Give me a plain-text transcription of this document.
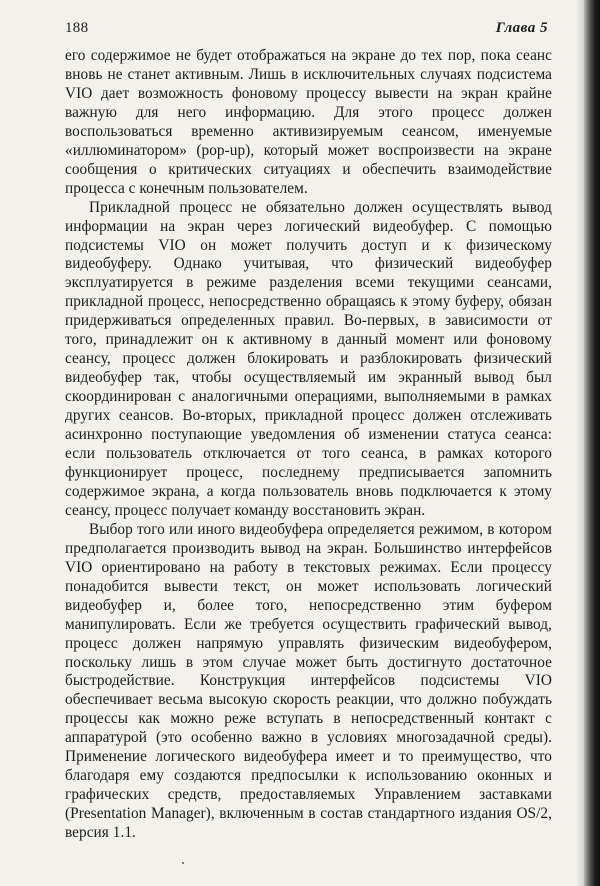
188	Глава 5

его содержимое не будет отображаться на экране до тех пор, пока сеанс вновь не станет активным. Лишь в исключительных случаях подсистема VIO дает возможность фоновому процессу вывести на экран крайне важную для него информацию. Для этого процесс должен воспользоваться временно активизируемым сеансом, именуемые «иллюминатором» (pop-up), который может воспроизвести на экране сообщения о критических ситуациях и обеспечить взаимодействие процесса с конечным пользователем.

Прикладной процесс не обязательно должен осуществлять вывод информации на экран через логический видеобуфер. С помощью подсистемы VIO он может получить доступ и к физическому видеобуферу. Однако учитывая, что физический видеобуфер эксплуатируется в режиме разделения всеми текущими сеансами, прикладной процесс, непосредственно обращаясь к этому буферу, обязан придерживаться определенных правил. Во-первых, в зависимости от того, принадлежит он к активному в данный момент или фоновому сеансу, процесс должен блокировать и разблокировать физический видеобуфер так, чтобы осуществляемый им экранный вывод был скоординирован с аналогичными операциями, выполняемыми в рамках других сеансов. Во-вторых, прикладной процесс должен отслеживать асинхронно поступающие уведомления об изменении статуса сеанса: если пользователь отключается от того сеанса, в рамках которого функционирует процесс, последнему предписывается запомнить содержимое экрана, а когда пользователь вновь подключается к этому сеансу, процесс получает команду восстановить экран.

Выбор того или иного видеобуфера определяется режимом, в котором предполагается производить вывод на экран. Большинство интерфейсов VIO ориентировано на работу в текстовых режимах. Если процессу понадобится вывести текст, он может использовать логический видеобуфер и, более того, непосредственно этим буфером манипулировать. Если же требуется осуществить графический вывод, процесс должен напрямую управлять физическим видеобуфером, поскольку лишь в этом случае может быть достигнуто достаточное быстродействие. Конструкция интерфейсов подсистемы VIO обеспечивает весьма высокую скорость реакции, что должно побуждать процессы как можно реже вступать в непосредственный контакт с аппаратурой (это особенно важно в условиях многозадачной среды). Применение логического видеобуфера имеет и то преимущество, что благодаря ему создаются предпосылки к использованию оконных и графических средств, предоставляемых Управлением заставками (Presentation Manager), включенным в состав стандартного издания OS/2, версия 1.1.
